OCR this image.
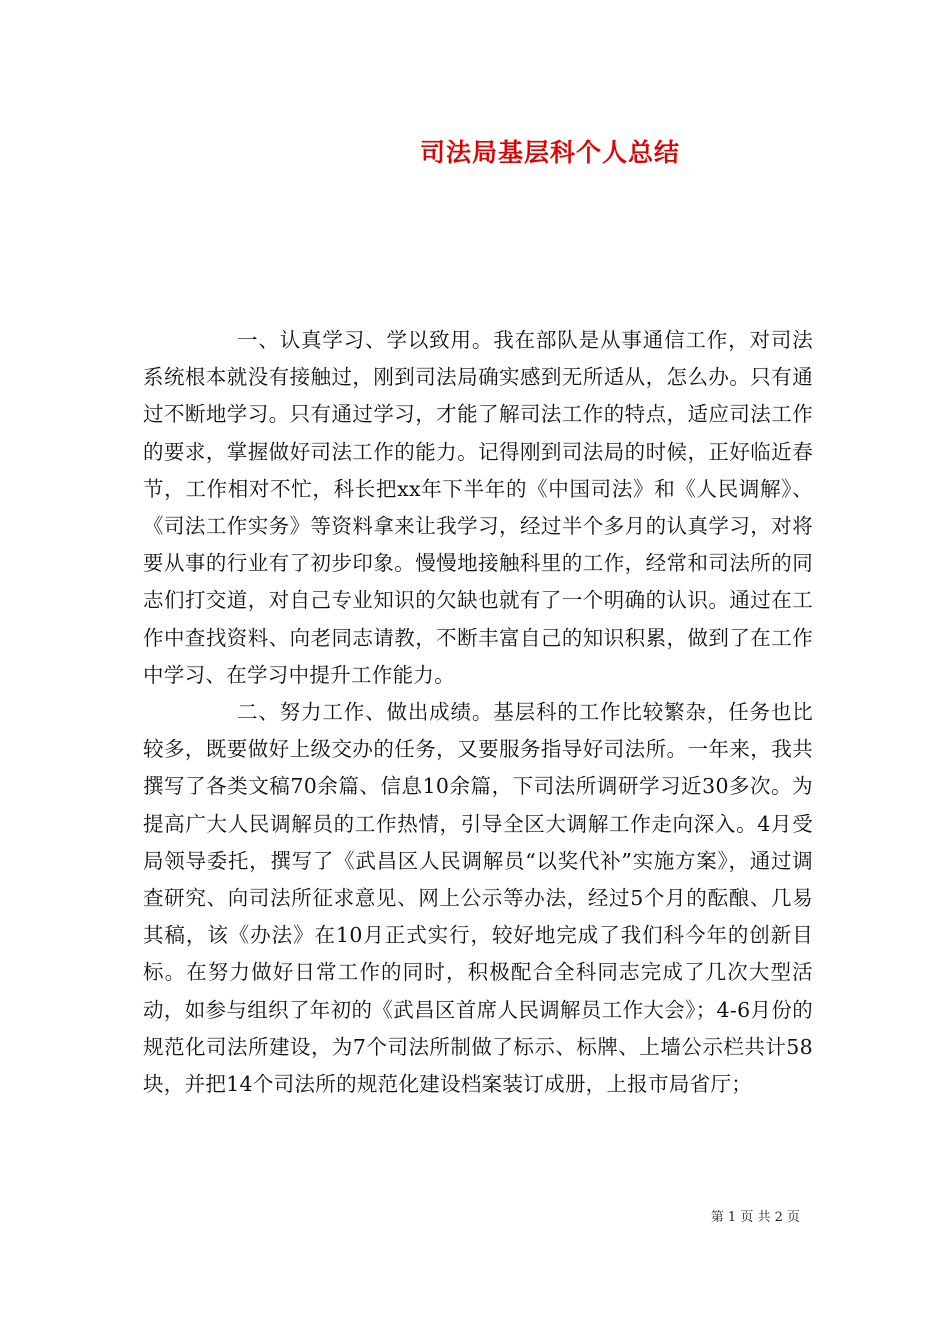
司法局基层科个人总结

一、认真学习、学以致用。我在部队是从事通信工作，对司法系统根本就没有接触过，刚到司法局确实感到无所适从，怎么办。只有通过不断地学习。只有通过学习，才能了解司法工作的特点，适应司法工作的要求，掌握做好司法工作的能力。记得刚到司法局的时候，正好临近春节，工作相对不忙，科长把xx年下半年的《中国司法》和《人民调解》、《司法工作实务》等资料拿来让我学习，经过半个多月的认真学习，对将要从事的行业有了初步印象。慢慢地接触科里的工作，经常和司法所的同志们打交道，对自己专业知识的欠缺也就有了一个明确的认识。通过在工作中查找资料、向老同志请教，不断丰富自己的知识积累，做到了在工作中学习、在学习中提升工作能力。

二、努力工作、做出成绩。基层科的工作比较繁杂，任务也比较多，既要做好上级交办的任务，又要服务指导好司法所。一年来，我共撰写了各类文稿70余篇、信息10余篇，下司法所调研学习近30多次。为提高广大人民调解员的工作热情，引导全区大调解工作走向深入。4月受局领导委托，撰写了《武昌区人民调解员“以奖代补”实施方案》，通过调查研究、向司法所征求意见、网上公示等办法，经过5个月的酝酿、几易其稿，该《办法》在10月正式实行，较好地完成了我们科今年的创新目标。在努力做好日常工作的同时，积极配合全科同志完成了几次大型活动，如参与组织了年初的《武昌区首席人民调解员工作大会》；4-6月份的规范化司法所建设，为7个司法所制做了标示、标牌、上墙公示栏共计58块，并把14个司法所的规范化建设档案装订成册，上报市局省厅；

第 1 页 共 2 页
